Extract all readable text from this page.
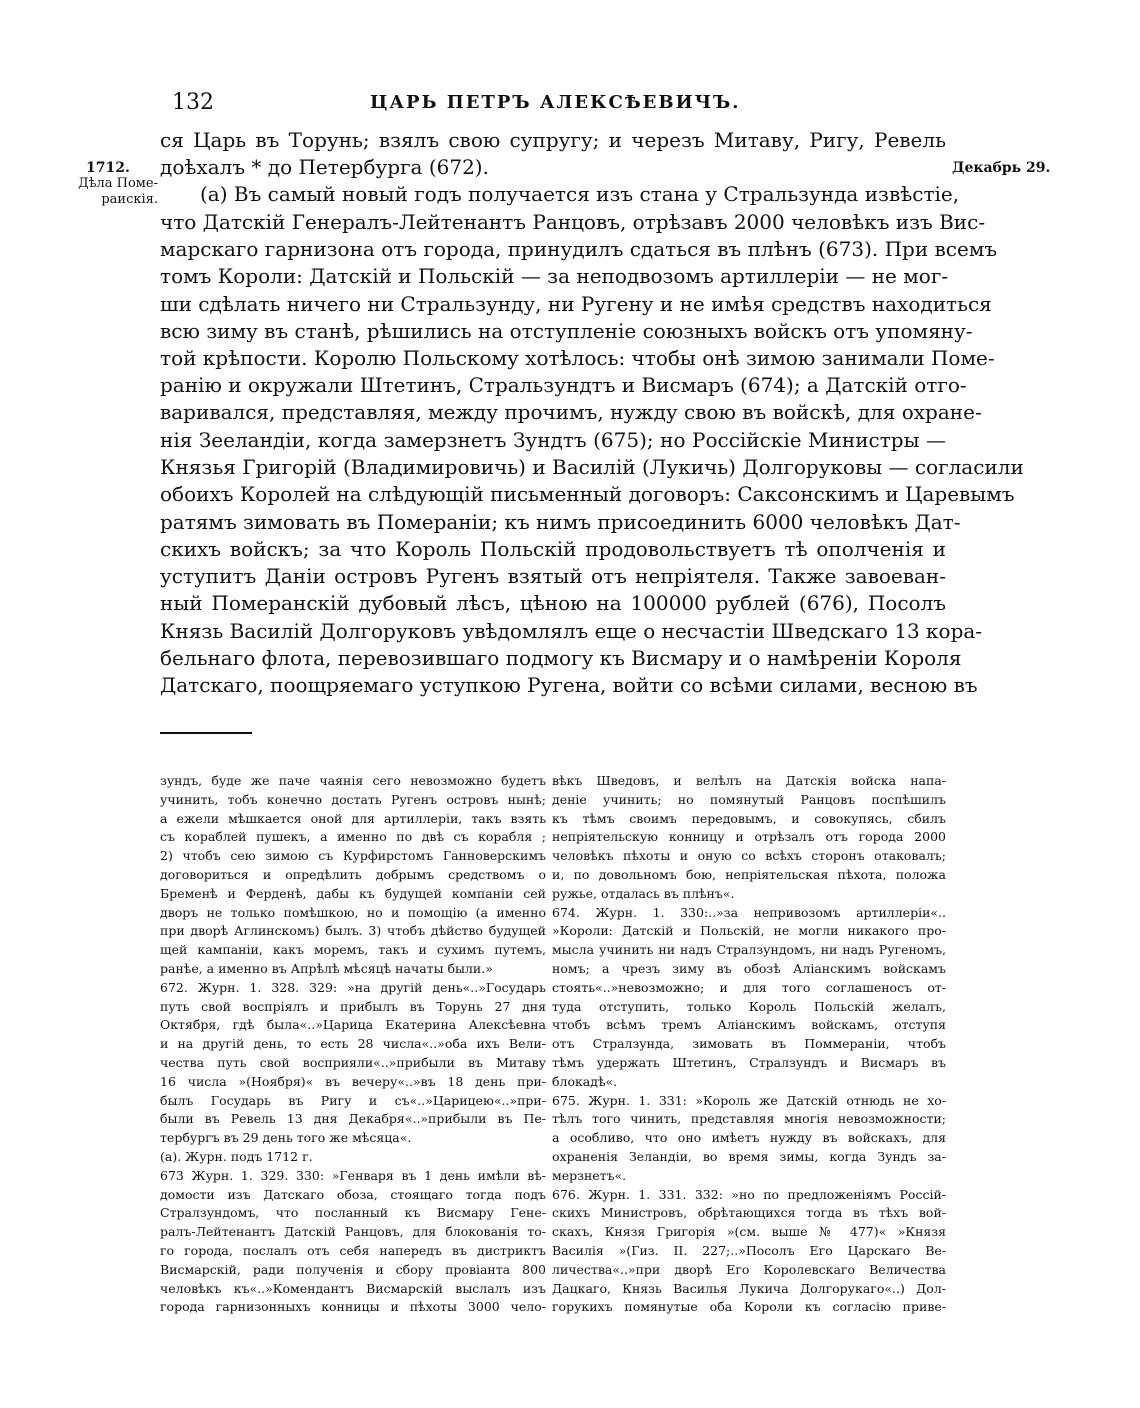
132	ЦАРЬ ПЕТРЪ АЛЕКСѢЕВИЧЪ.
1712.
Дѣла Поме-раискія.
Декабрь 29.
ся Царь въ Торунь; взялъ свою супругу; и черезъ Митаву, Ригу, Ревель
доѣхалъ * до Петербурга (672).
(а) Въ самый новый годъ получается изъ стана у Стральзунда извѣстіе,
что Датскій Генералъ-Лейтенантъ Ранцовъ, отрѣзавъ 2000 человѣкъ изъ Вис-
марскаго гарнизона отъ города, принудилъ сдаться въ плѣнъ (673). При всемъ
томъ Короли: Датскій и Польскій — за неподвозомъ артиллеріи — не мог-
ши сдѣлать ничего ни Стральзунду, ни Ругену и не имѣя средствъ находиться
всю зиму въ станѣ, рѣшились на отступленіе союзныхъ войскъ отъ упомяну-
той крѣпости. Королю Польскому хотѣлось: чтобы онѣ зимою занимали Поме-
ранію и окружали Штетинъ, Стральзундтъ и Висмаръ (674); а Датскій отго-
варивался, представляя, между прочимъ, нужду свою въ войскѣ, для охране-
нія Зееландіи, когда замерзнетъ Зундтъ (675); но Россійскіе Министры —
Князья Григорій (Владимировичь) и Василій (Лукичь) Долгоруковы — согласили
обоихъ Королей на слѣдующій письменный договоръ: Саксонскимъ и Царевымъ
ратямъ зимовать въ Помераніи; къ нимъ присоединить 6000 человѣкъ Дат-
скихъ войскъ; за что Король Польскій продовольствуетъ тѣ ополченія и
уступитъ Даніи островъ Ругенъ взятый отъ непріятеля. Также завоеван-
ный Померанскій дубовый лѣсъ, цѣною на 100000 рублей (676), Посолъ
Князь Василій Долгоруковъ увѣдомлялъ еще о несчастіи Шведскаго 13 кора-
бельнаго флота, перевозившаго подмогу къ Висмару и о намѣреніи Короля
Датскаго, поощряемаго уступкою Ругена, войти со всѣми силами, весною въ
зундъ, буде же паче чаянія сего невозможно будетъ
учинить, тобъ конечно достать Ругенъ островъ нынѣ;
а ежели мѣшкается оной для артиллеріи, такъ взять
съ кораблей пушекъ, а именно по двѣ съ корабля ;
2) чтобъ сею зимою съ Курфирстомъ Ганноверскимъ
договориться и опредѣлить добрымъ средствомъ о
Бременѣ и Ферденѣ, дабы къ будущей компаніи сей
дворъ не только помѣшкою, но и помощію (а именно
при дворѣ Аглинскомъ) былъ. 3) чтобъ дѣйство будущей
щей кампаніи, какъ моремъ, такъ и сухимъ путемъ,
ранѣе, а именно въ Апрѣлѣ мѣсяцѣ начаты были.»
672. Журн. 1. 328. 329: »на другій день«..»Государь
путь свой воспріялъ и прибылъ въ Торунь 27 дня
Октября, гдѣ была«..»Царица Екатерина Алексѣевна
и на другій день, то есть 28 числа«..»оба ихъ Вели-
чества путь свой восприяли«..»прибыли въ Митаву
16 числа »(Ноября)« въ вечеру«..»въ 18 день при-
былъ Государь въ Ригу и съ«..»Царицею«..»при-
были въ Ревель 13 дня Декабря«..»прибыли въ Пе-
тербургъ въ 29 день того же мѣсяца«.
(а). Журн. подъ 1712 г.
673 Журн. 1. 329. 330: »Генваря въ 1 день имѣли вѣ-
домости изъ Датскаго обоза, стоящаго тогда подъ
Стралзундомъ, что посланный къ Висмару Гене-
ралъ-Лейтенантъ Датскій Ранцовъ, для блокованія то-
го города, послалъ отъ себя напередъ въ дистриктъ
Висмарскій, ради полученія и сбору провіанта 800
человѣкъ къ«..»Комендантъ Висмарскій выслалъ изъ
города гарнизонныхъ конницы и пѣхоты 3000 чело-
вѣкъ Шведовъ, и велѣлъ на Датскія войска напа-
деніе учинить; но помянутый Ранцовъ поспѣшилъ
къ тѣмъ своимъ передовымъ, и совокупясь, сбилъ
непріятельскую конницу и отрѣзалъ отъ города 2000
человѣкъ пѣхоты и оную со всѣхъ сторонъ отаковалъ;
и, по довольномъ бою, непріятельская пѣхота, положа
ружье, отдалась въ плѣнъ«.
674. Журн. 1. 330:..»за непривозомъ артиллеріи«..
»Короли: Датскій и Польскій, не могли никакого про-
мысла учинить ни надъ Стралзундомъ, ни надъ Ругеномъ,
номъ; а чрезъ зиму въ обозѣ Аліанскимъ войскамъ
стоять«..»невозможно; и для того соглашеносъ от-
туда отступить, только Король Польскій желалъ,
чтобъ всѣмъ тремъ Аліанскимъ войскамъ, отступя
отъ Стралзунда, зимовать въ Поммераніи, чтобъ
тѣмъ удержать Штетинъ, Стралзундъ и Висмаръ въ
блокадѣ«.
675. Журн. 1. 331: »Король же Датскій отнюдь не хо-
тѣлъ того чинить, представляя многія невозможности;
а особливо, что оно имѣетъ нужду въ войскахъ, для
охраненія Зеландіи, во время зимы, когда Зундъ за-
мерзнетъ«.
676. Журн. 1. 331. 332: »но по предложеніямъ Россій-
скихъ Министровъ, обрѣтающихся тогда въ тѣхъ вой-
скахъ, Князя Григорія »(см. выше № 477)« »Князя
Василія »(Гиз. II. 227;..»Посолъ Его Царскаго Ве-
личества«..»при дворѣ Его Королевскаго Величества
Дацкаго, Князь Василья Лукича Долгорукаго«..) Дол-
горукихъ помянутые оба Короли къ согласію приве-
